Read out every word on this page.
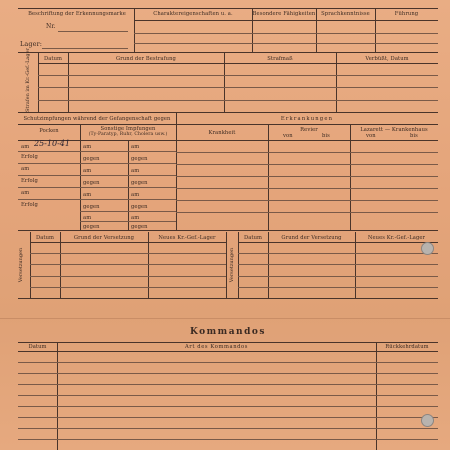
Beschriftung der Erkennungsmarke
Nr.
Lager:
Charaktereigenschaften u. a.	Besondere Fähigkeiten	Sprachkenntnisse	Führung
Strafen im Kr.-Gef.-Lager	Datum	Grund der Bestrafung	Strafmaß	Verbüßt, Datum
Schutzimpfungen während der Gefangenschaft gegen	Erkrankungen
Pocken	Sonstige Impfungen
(Ty-Paratyp, Ruhr, Cholera usw.)
am 25-10-41
Erfolg
am
Erfolg
am
Erfolg
am	am
gegen	gegen
am	am
gegen	gegen
am	am
gegen	gegen
am	am
gegen	gegen
Krankheit	Revier
von	bis
Lazarett — Krankenhaus
von	bis
Versetzungen	Versetzungen
Datum	Grund der Versetzung	Neues Kr.-Gef.-Lager	Datum	Grund der Versetzung	Neues Kr.-Gef.-Lager
Kommandos
Datum	Art des Kommandos	Rückkehrdatum
